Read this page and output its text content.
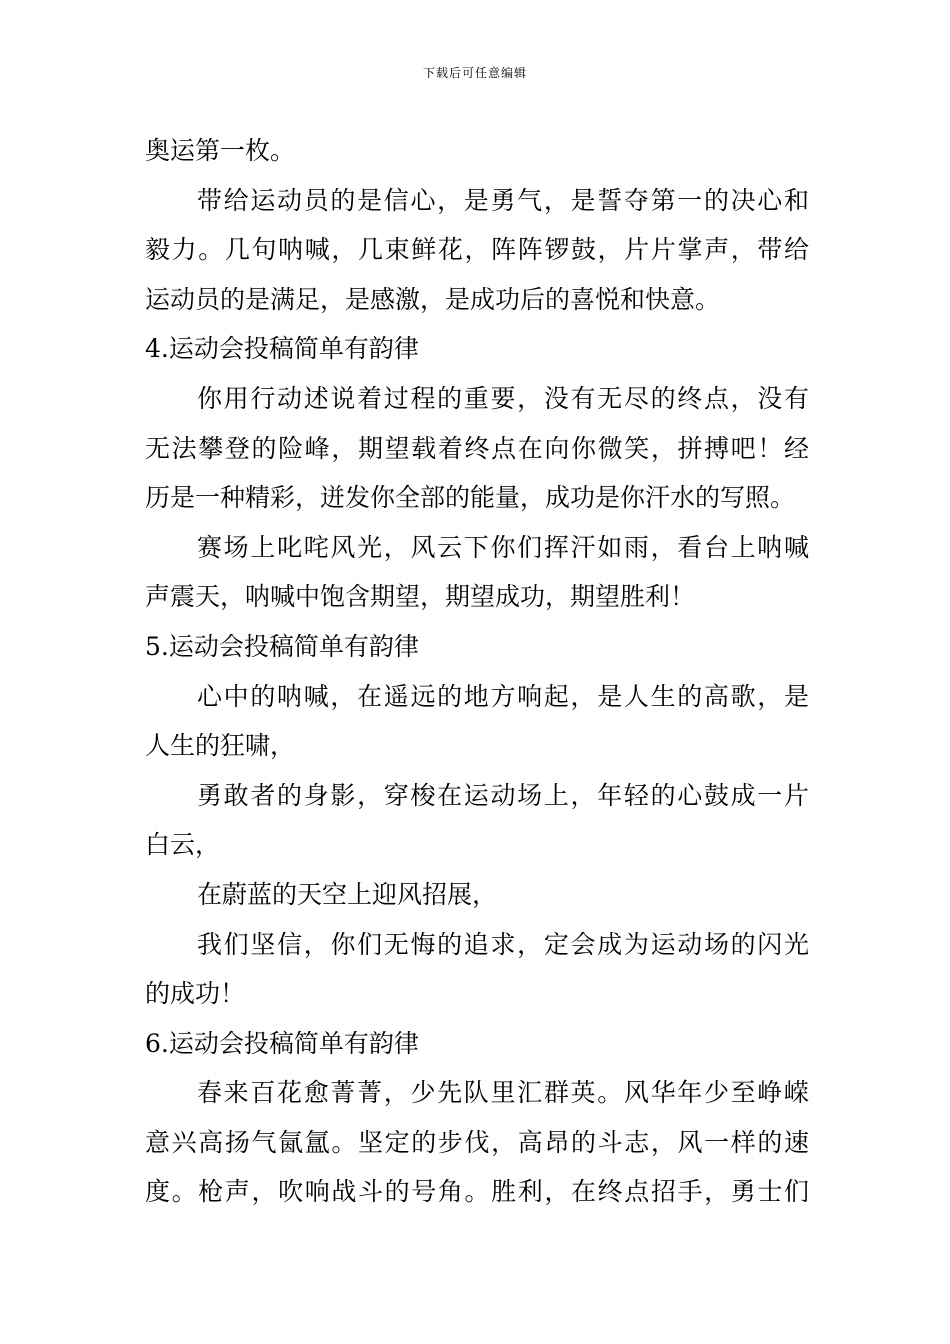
下载后可任意编辑
奥运第一枚。
带给运动员的是信心，是勇气，是誓夺第一的决心和
毅力。几句呐喊，几束鲜花，阵阵锣鼓，片片掌声，带给
运动员的是满足，是感激，是成功后的喜悦和快意。
4.运动会投稿简单有韵律
你用行动述说着过程的重要，没有无尽的终点，没有
无法攀登的险峰，期望载着终点在向你微笑，拼搏吧！经
历是一种精彩，迸发你全部的能量，成功是你汗水的写照。
赛场上叱咤风光，风云下你们挥汗如雨，看台上呐喊
声震天，呐喊中饱含期望，期望成功，期望胜利！
5.运动会投稿简单有韵律
心中的呐喊，在遥远的地方响起，是人生的高歌，是
人生的狂啸，
勇敢者的身影，穿梭在运动场上，年轻的心鼓成一片
白云，
在蔚蓝的天空上迎风招展，
我们坚信，你们无悔的追求，定会成为运动场的闪光
的成功！
6.运动会投稿简单有韵律
春来百花愈菁菁，少先队里汇群英。风华年少至峥嵘
意兴高扬气氤氲。坚定的步伐，高昂的斗志，风一样的速
度。枪声，吹响战斗的号角。胜利，在终点招手，勇士们
